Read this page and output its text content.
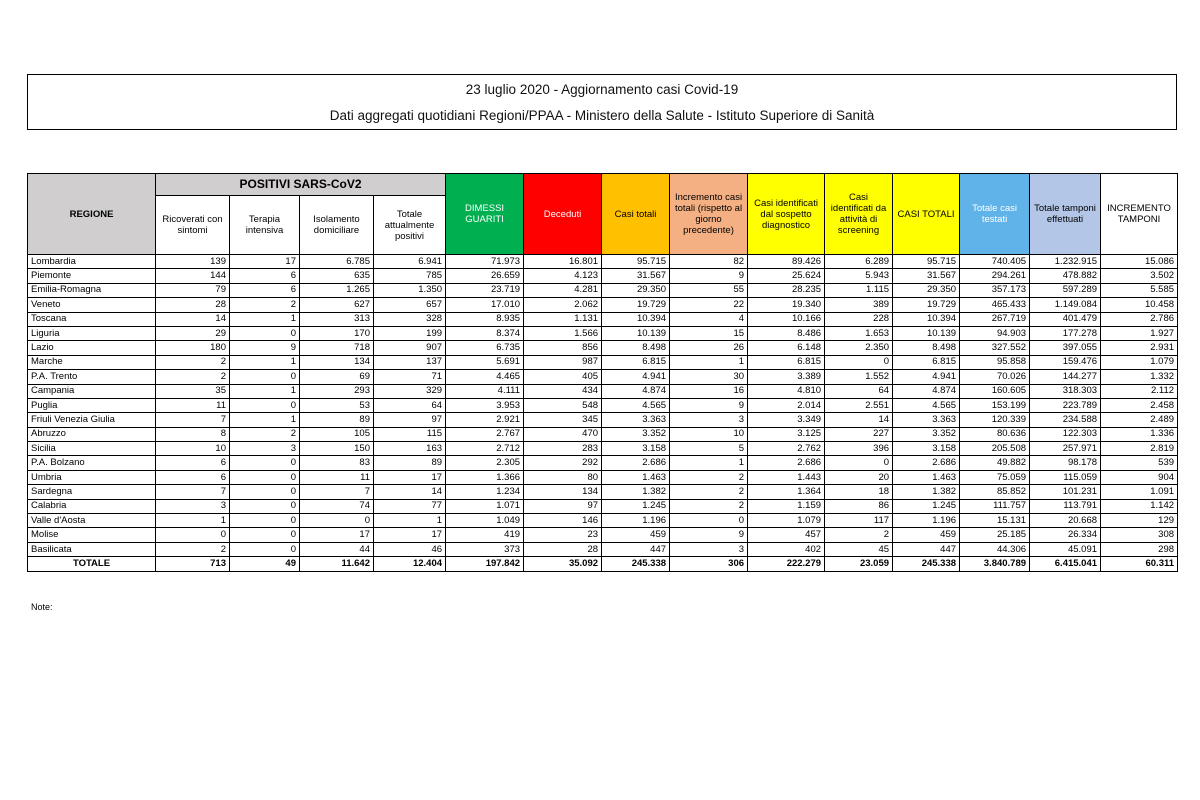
23 luglio 2020 - Aggiornamento casi Covid-19
Dati aggregati quotidiani Regioni/PPAA - Ministero della Salute - Istituto Superiore di Sanità
REGIONE	POSITIVI SARS-CoV2				DIMESSI GUARITI	Deceduti	Casi totali	Incremento casi totali (rispetto al giorno precedente)	Casi identificati dal sospetto diagnostico	Casi identificati da attività di screening	CASI TOTALI	Totale casi testati	Totale tamponi effettuati	INCREMENTO TAMPONI
	Ricoverati con sintomi	Terapia intensiva	Isolamento domiciliare	Totale attualmente positivi										
Lombardia	139	17	6.785	6.941	71.973	16.801	95.715	82	89.426	6.289	95.715	740.405	1.232.915	15.086
Piemonte	144	6	635	785	26.659	4.123	31.567	9	25.624	5.943	31.567	294.261	478.882	3.502
Emilia-Romagna	79	6	1.265	1.350	23.719	4.281	29.350	55	28.235	1.115	29.350	357.173	597.289	5.585
Veneto	28	2	627	657	17.010	2.062	19.729	22	19.340	389	19.729	465.433	1.149.084	10.458
Toscana	14	1	313	328	8.935	1.131	10.394	4	10.166	228	10.394	267.719	401.479	2.786
Liguria	29	0	170	199	8.374	1.566	10.139	15	8.486	1.653	10.139	94.903	177.278	1.927
Lazio	180	9	718	907	6.735	856	8.498	26	6.148	2.350	8.498	327.552	397.055	2.931
Marche	2	1	134	137	5.691	987	6.815	1	6.815	0	6.815	95.858	159.476	1.079
P.A. Trento	2	0	69	71	4.465	405	4.941	30	3.389	1.552	4.941	70.026	144.277	1.332
Campania	35	1	293	329	4.111	434	4.874	16	4.810	64	4.874	160.605	318.303	2.112
Puglia	11	0	53	64	3.953	548	4.565	9	2.014	2.551	4.565	153.199	223.789	2.458
Friuli Venezia Giulia	7	1	89	97	2.921	345	3.363	3	3.349	14	3.363	120.339	234.588	2.489
Abruzzo	8	2	105	115	2.767	470	3.352	10	3.125	227	3.352	80.636	122.303	1.336
Sicilia	10	3	150	163	2.712	283	3.158	5	2.762	396	3.158	205.508	257.971	2.819
P.A. Bolzano	6	0	83	89	2.305	292	2.686	1	2.686	0	2.686	49.882	98.178	539
Umbria	6	0	11	17	1.366	80	1.463	2	1.443	20	1.463	75.059	115.059	904
Sardegna	7	0	7	14	1.234	134	1.382	2	1.364	18	1.382	85.852	101.231	1.091
Calabria	3	0	74	77	1.071	97	1.245	2	1.159	86	1.245	111.757	113.791	1.142
Valle d'Aosta	1	0	0	1	1.049	146	1.196	0	1.079	117	1.196	15.131	20.668	129
Molise	0	0	17	17	419	23	459	9	457	2	459	25.185	26.334	308
Basilicata	2	0	44	46	373	28	447	3	402	45	447	44.306	45.091	298
TOTALE	713	49	11.642	12.404	197.842	35.092	245.338	306	222.279	23.059	245.338	3.840.789	6.415.041	60.311
Note:
